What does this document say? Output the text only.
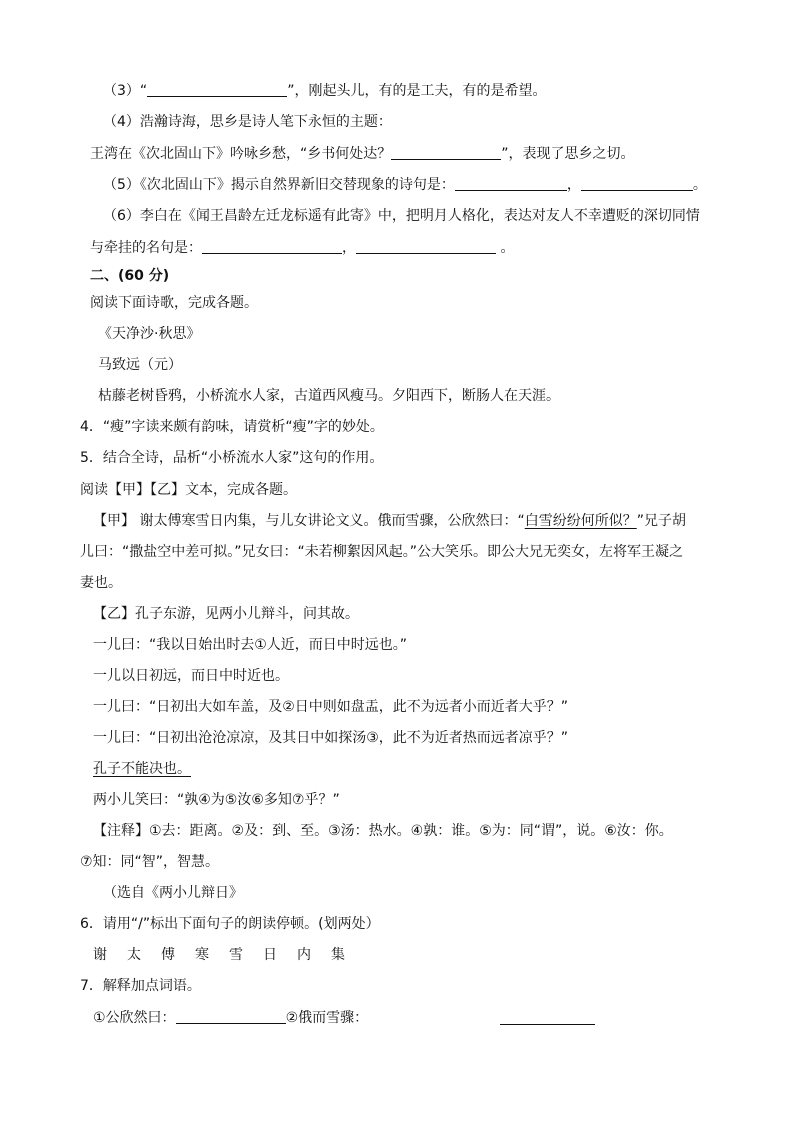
（3）“	”，刚起头儿，有的是工夫，有的是希望。
（4）浩瀚诗海，思乡是诗人笔下永恒的主题：
王湾在《次北固山下》吟咏乡愁，“乡书何处达？	”，表现了思乡之切。
（5）《次北固山下》揭示自然界新旧交替现象的诗句是：	，	。
（6）李白在《闻王昌龄左迁龙标遥有此寄》中，把明月人格化，表达对友人不幸遭贬的深切同情
与牵挂的名句是：	，	。
二、(60 分)
阅读下面诗歌，完成各题。
《天净沙·秋思》
马致远（元）
枯藤老树昏鸦，小桥流水人家，古道西风瘦马。夕阳西下，断肠人在天涯。
4．“瘦”字读来颇有韵味，请赏析“瘦”字的妙处。
5．结合全诗，品析“小桥流水人家”这句的作用。
阅读【甲】【乙】文本，完成各题。
【甲】 谢太傅寒雪日内集，与儿女讲论文义。俄而雪骤，公欣然曰：“白雪纷纷何所似？”兄子胡
儿曰：“撒盐空中差可拟。”兄女曰：“未若柳絮因风起。”公大笑乐。即公大兄无奕女，左将军王凝之
妻也。
【乙】孔子东游，见两小儿辩斗，问其故。
一儿曰：“我以日始出时去①人近，而日中时远也。”
一儿以日初远，而日中时近也。
一儿曰：“日初出大如车盖，及②日中则如盘盂，此不为远者小而近者大乎？”
一儿曰：“日初出沧沧凉凉，及其日中如探汤③，此不为近者热而远者凉乎？”
孔子不能决也。
两小儿笑曰：“孰④为⑤汝⑥多知⑦乎？”
【注释】①去：距离。②及：到、至。③汤：热水。④孰：谁。⑤为：同“谓”，说。⑥汝：你。
⑦知：同“智”，智慧。
（选自《两小儿辩日》
6．请用“/”标出下面句子的朗读停顿。(划两处）
谢 太 傅 寒 雪 日 内 集
7．解释加点词语。
①公欣然曰：	②俄而雪骤：
